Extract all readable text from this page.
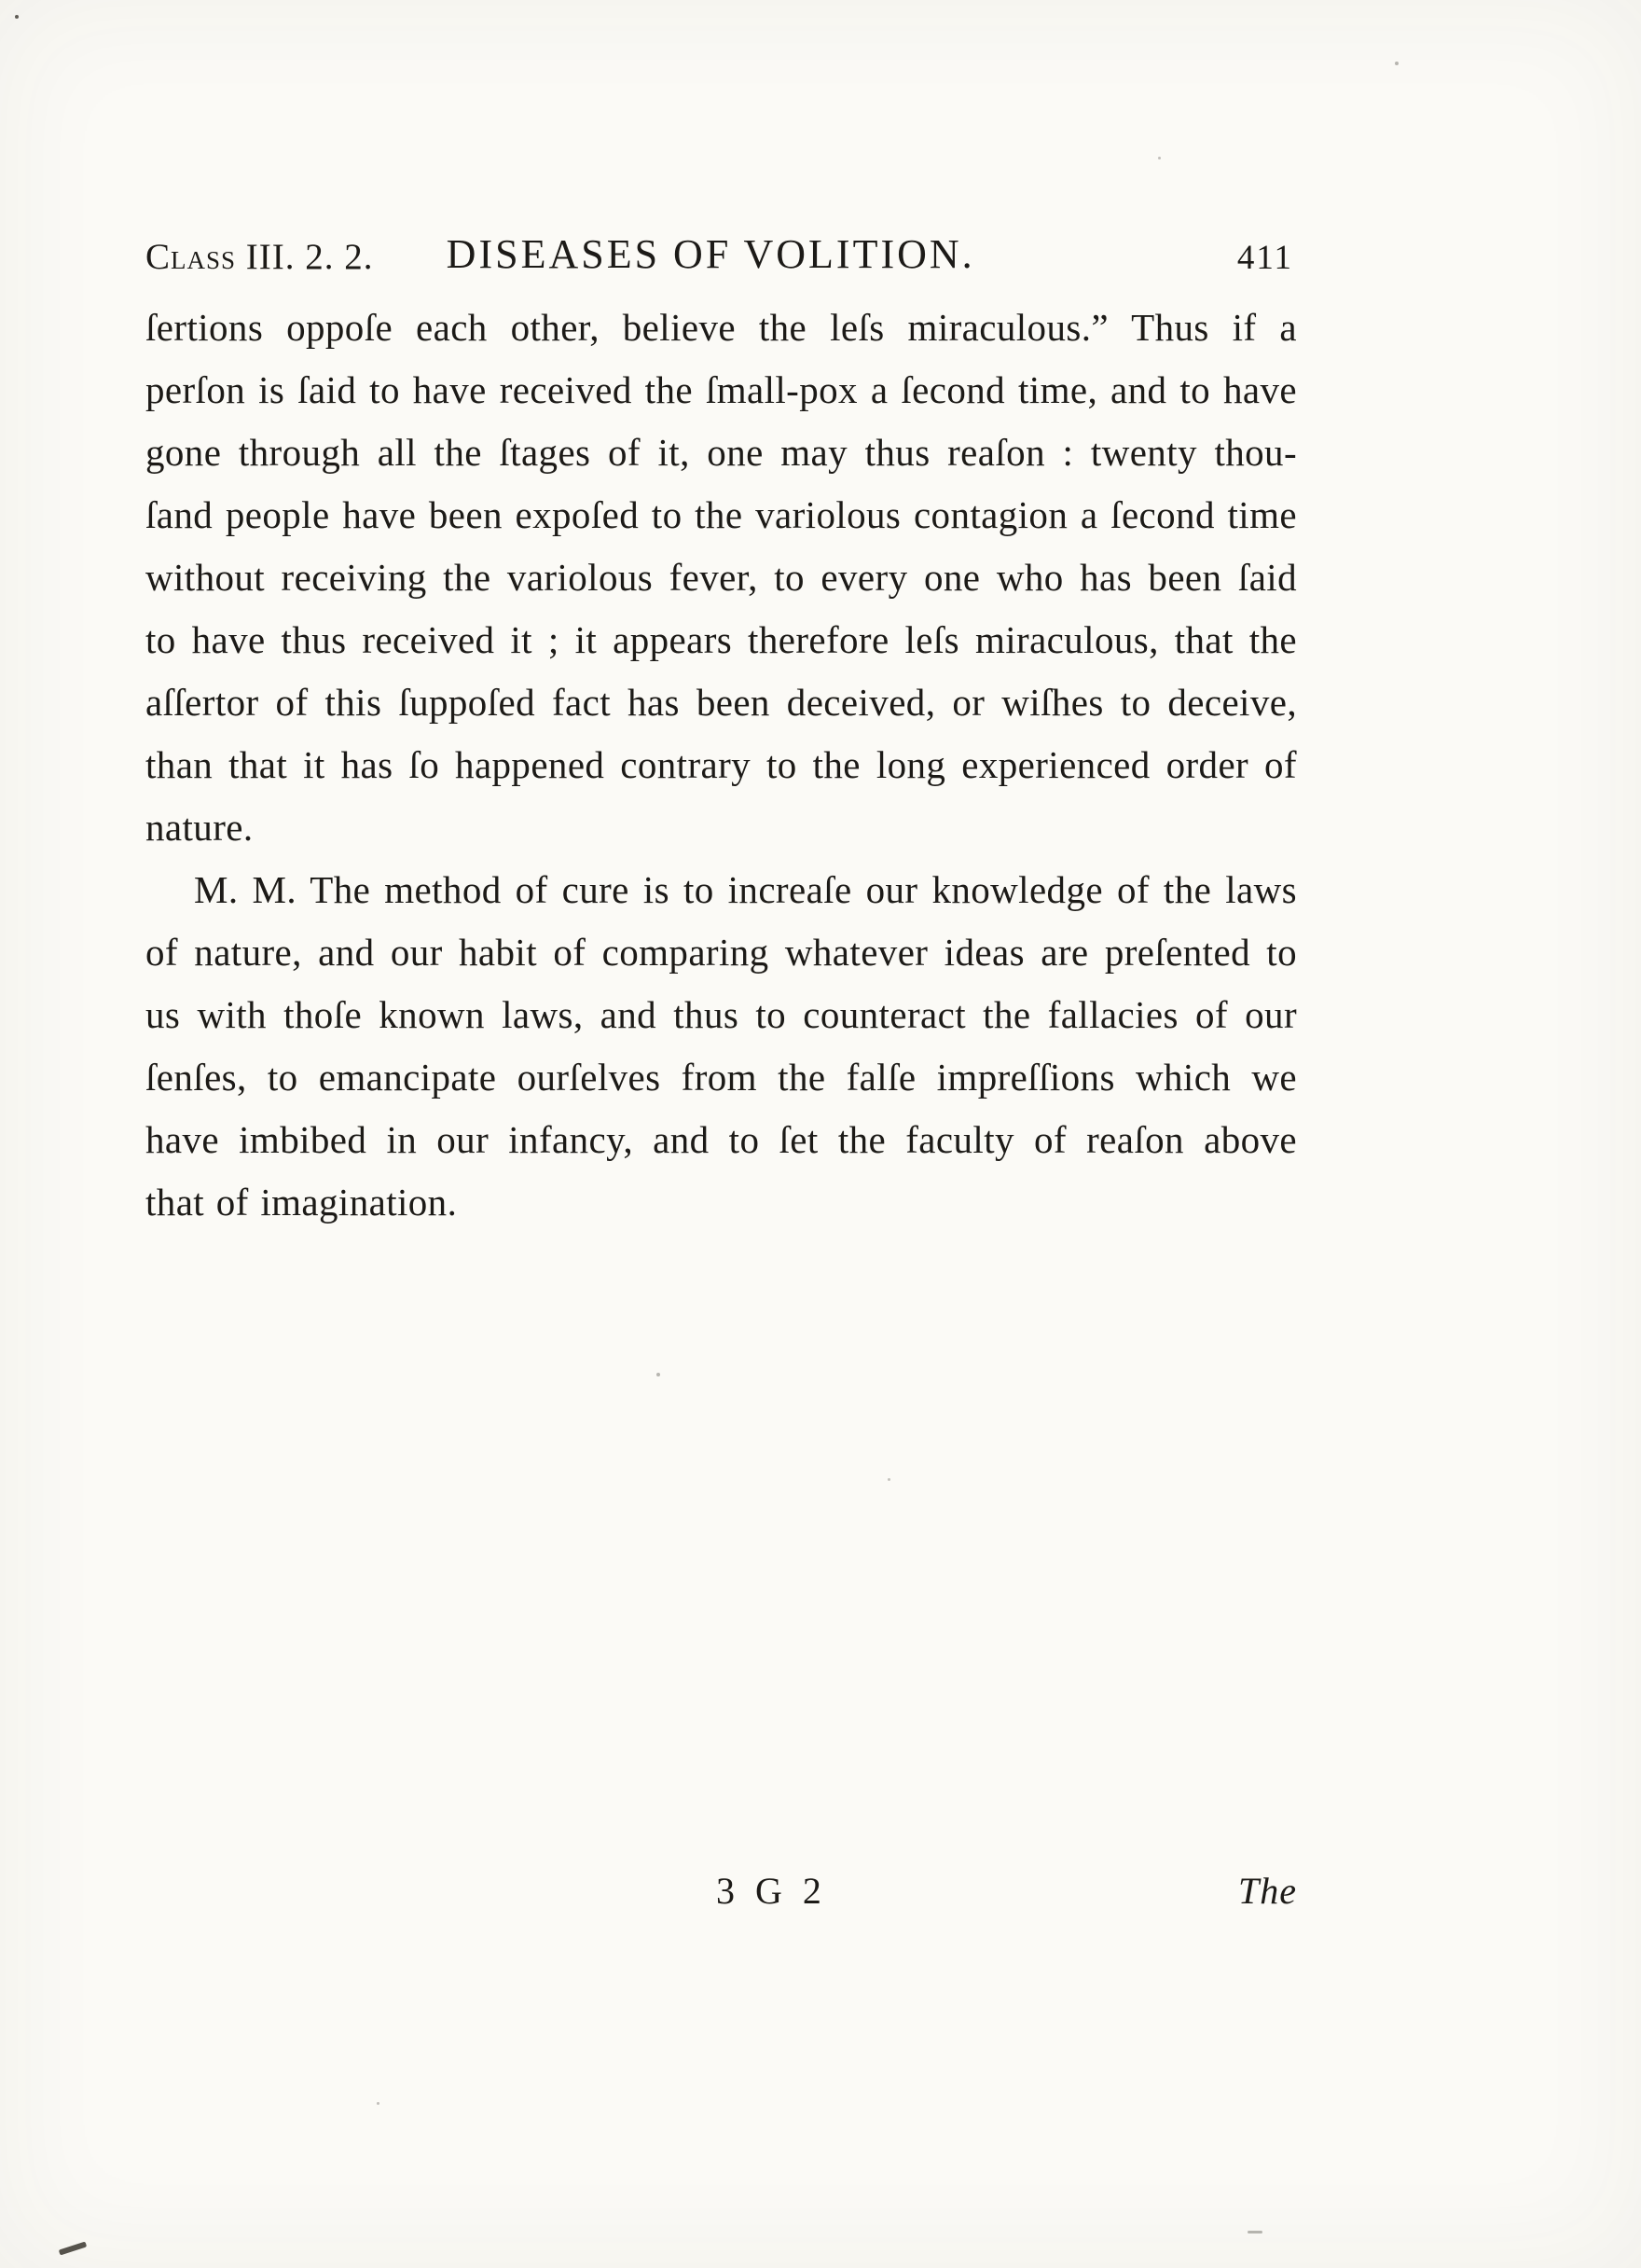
Class III. 2. 2. DISEASES OF VOLITION.	411
ſertions oppoſe each other, believe the leſs miraculous.” Thus if a
perſon is ſaid to have received the ſmall-pox a ſecond time, and to have
gone through all the ſtages of it, one may thus reaſon : twenty thou-
ſand people have been expoſed to the variolous contagion a ſecond time
without receiving the variolous fever, to every one who has been ſaid
to have thus received it ; it appears therefore leſs miraculous, that the
aſſertor of this ſuppoſed fact has been deceived, or wiſhes to deceive,
than that it has ſo happened contrary to the long experienced order of
nature.
M. M. The method of cure is to increaſe our knowledge of the laws
of nature, and our habit of comparing whatever ideas are preſented to
us with thoſe known laws, and thus to counteract the fallacies of our
ſenſes, to emancipate ourſelves from the falſe impreſſions which we
have imbibed in our infancy, and to ſet the faculty of reaſon above
that of imagination.
3 G 2	The
